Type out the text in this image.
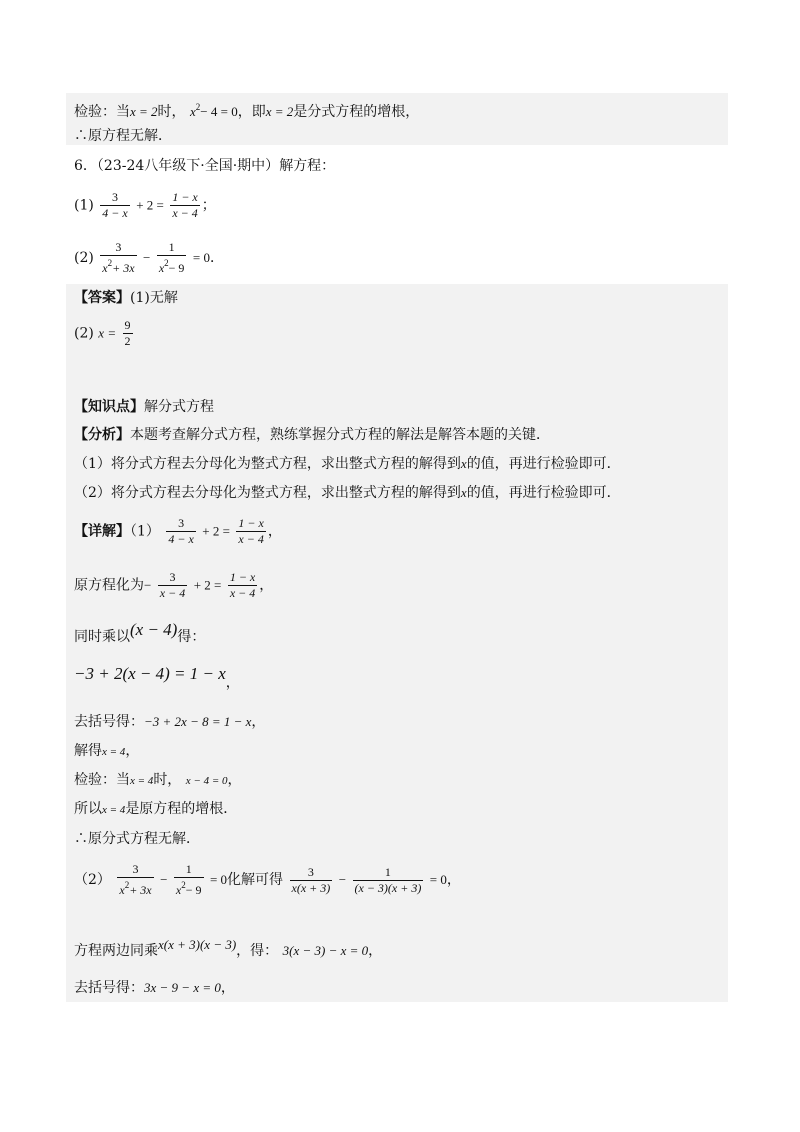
检验：当x = 2时， $x^2- 4 = 0$，即x = 2是分式方程的增根，
∴原方程无解．
6．（23-24八年级下·全国·期中）解方程：
$(1) \frac{3}{4 - x} + 2 = \frac{1 - x}{x - 4}$ ；
$(2) \frac{3}{x^2+ 3x} - \frac{1}{x^2- 9} = 0$．
【答案】(1)无解
(2) $x = \frac{9}{2}$
【知识点】解分式方程
【分析】本题考查解分式方程，熟练掌握分式方程的解法是解答本题的关键．
（1）将分式方程去分母化为整式方程，求出整式方程的解得到x的值，再进行检验即可．
（2）将分式方程去分母化为整式方程，求出整式方程的解得到x的值，再进行检验即可．
【详解】$(1) \frac{3}{4 - x} + 2 = \frac{1 - x}{x - 4}$ ，
原方程化为− $\frac{3}{x - 4} + 2 = \frac{1 - x}{x - 4}$ ，
同时乘以(x − 4)得：
−3 + 2(x − 4) = 1 − x，
去括号得：−3 + 2x − 8 = 1 − x，
解得x = 4，
检验：当x = 4时， x − 4 = 0，
所以x = 4是原方程的增根．
∴原分式方程无解．
$(2) \frac{3}{x^2+ 3x} - \frac{1}{x^2- 9} = 0$化解可得 $\frac{3}{x(x + 3)} - \frac{1}{(x - 3)(x + 3)} = 0$，
方程两边同乘x(x + 3)(x − 3)，得： 3(x − 3) − x = 0，
去括号得：3x − 9 − x = 0，
